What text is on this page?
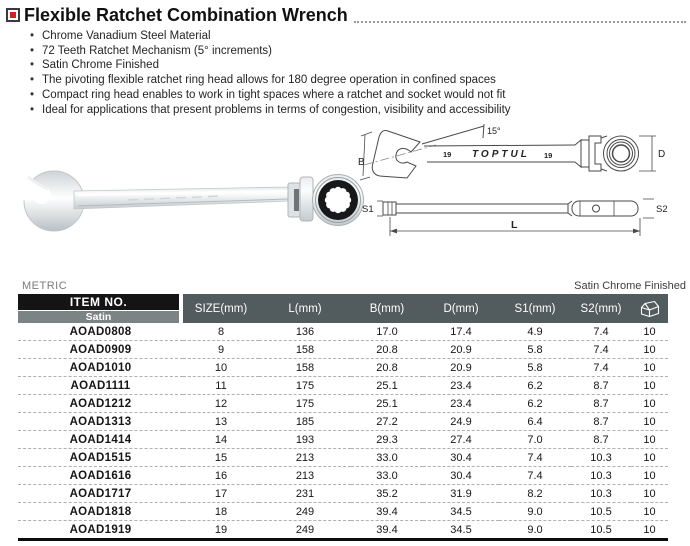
Flexible Ratchet Combination Wrench
• Chrome Vanadium Steel Material
• 72 Teeth Ratchet Mechanism (5° increments)
• Satin Chrome Finished
• The pivoting flexible ratchet ring head allows for 180 degree operation in confined spaces
• Compact ring head enables to work in tight spaces where a ratchet and socket would not fit
• Ideal for applications that present problems in terms of congestion, visibility and accessibility
15°
B
19 TOPTUL 19	D
S1	S2
L
METRIC	Satin Chrome Finished
ITEM NO.
Satin	SIZE(mm)	L(mm)	B(mm)	D(mm)	S1(mm)	S2(mm)	

AOAD0808	8	136	17.0	17.4	4.9	7.4	10
AOAD0909	9	158	20.8	20.9	5.8	7.4	10
AOAD1010	10	158	20.8	20.9	5.8	7.4	10
AOAD1111	11	175	25.1	23.4	6.2	8.7	10
AOAD1212	12	175	25.1	23.4	6.2	8.7	10
AOAD1313	13	185	27.2	24.9	6.4	8.7	10
AOAD1414	14	193	29.3	27.4	7.0	8.7	10
AOAD1515	15	213	33.0	30.4	7.4	10.3	10
AOAD1616	16	213	33.0	30.4	7.4	10.3	10
AOAD1717	17	231	35.2	31.9	8.2	10.3	10
AOAD1818	18	249	39.4	34.5	9.0	10.5	10
AOAD1919	19	249	39.4	34.5	9.0	10.5	10
